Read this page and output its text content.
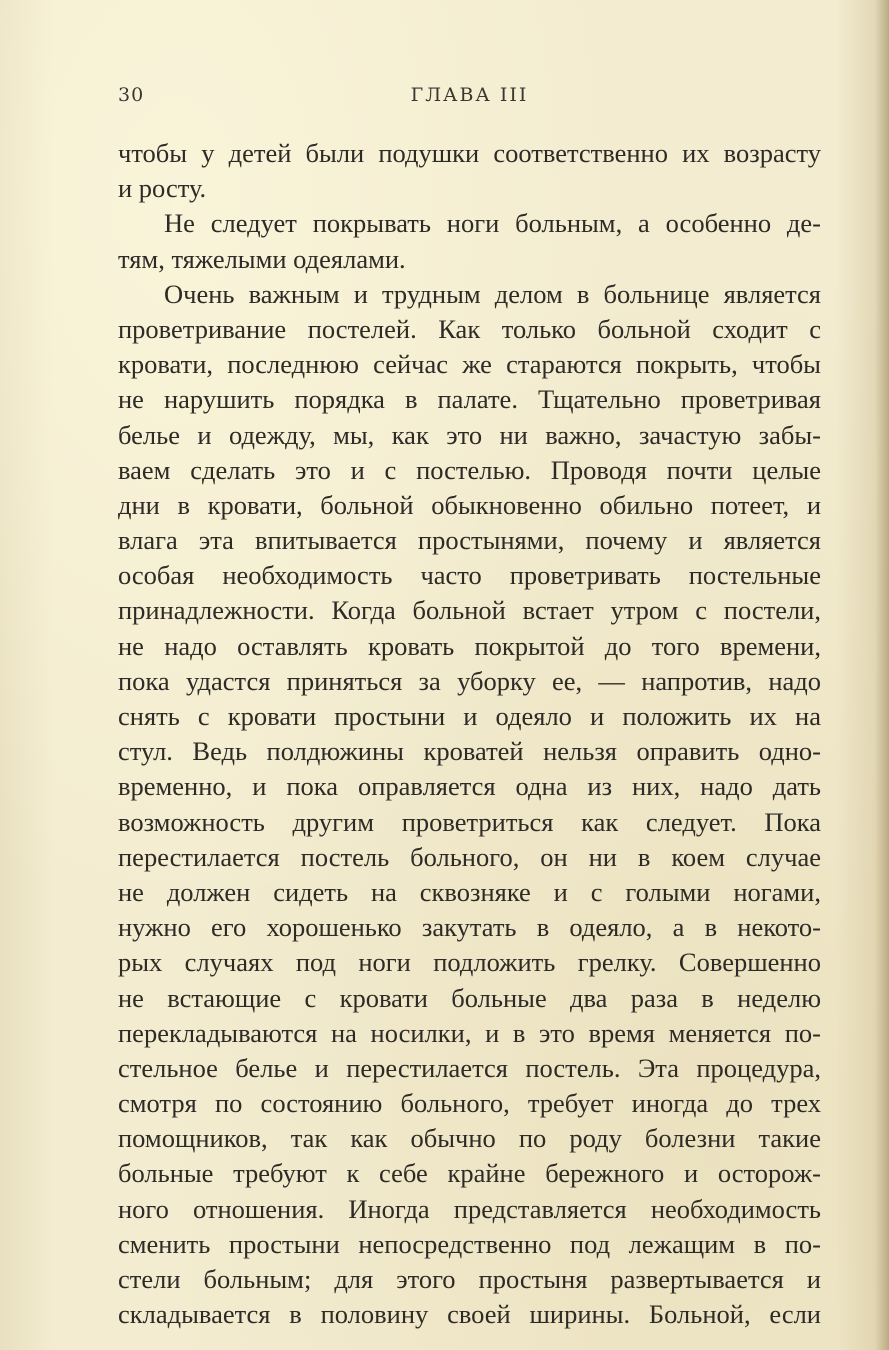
30	ГЛАВА III
чтобы у детей были подушки соответственно их возрасту
и росту.
Не следует покрывать ноги больным, а особенно де-
тям, тяжелыми одеялами.
Очень важным и трудным делом в больнице является
проветривание постелей. Как только больной сходит с
кровати, последнюю сейчас же стараются покрыть, чтобы
не нарушить порядка в палате. Тщательно проветривая
белье и одежду, мы, как это ни важно, зачастую забы-
ваем сделать это и с постелью. Проводя почти целые
дни в кровати, больной обыкновенно обильно потеет, и
влага эта впитывается простынями, почему и является
особая необходимость часто проветривать постельные
принадлежности. Когда больной встает утром с постели,
не надо оставлять кровать покрытой до того времени,
пока удастся приняться за уборку ее, — напротив, надо
снять с кровати простыни и одеяло и положить их на
стул. Ведь полдюжины кроватей нельзя оправить одно-
временно, и пока оправляется одна из них, надо дать
возможность другим проветриться как следует. Пока
перестилается постель больного, он ни в коем случае
не должен сидеть на сквозняке и с голыми ногами,
нужно его хорошенько закутать в одеяло, а в некото-
рых случаях под ноги подложить грелку. Совершенно
не встающие с кровати больные два раза в неделю
перекладываются на носилки, и в это время меняется по-
стельное белье и перестилается постель. Эта процедура,
смотря по состоянию больного, требует иногда до трех
помощников, так как обычно по роду болезни такие
больные требуют к себе крайне бережного и осторож-
ного отношения. Иногда представляется необходимость
сменить простыни непосредственно под лежащим в по-
стели больным; для этого простыня развертывается и
складывается в половину своей ширины. Больной, если
